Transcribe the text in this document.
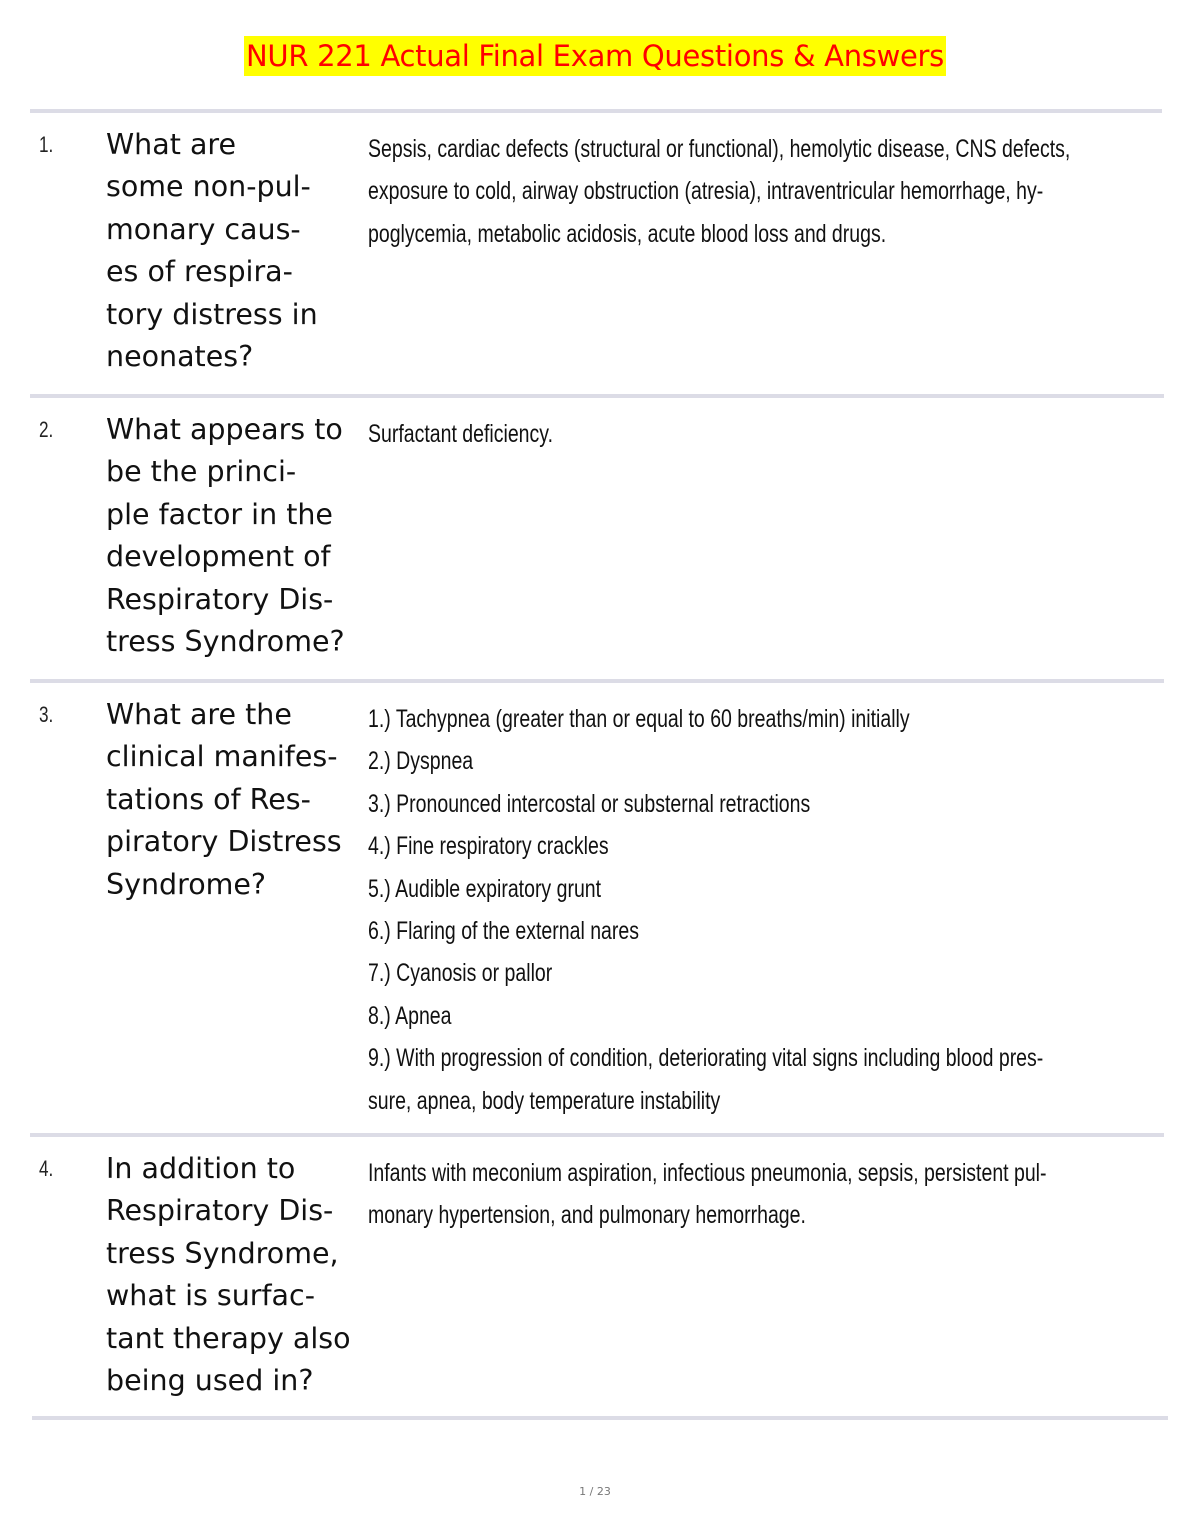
NUR 221 Actual Final Exam Questions & Answers
1. What are
some non-pul-
monary caus-
es of respira-
tory distress in
neonates?
Sepsis, cardiac defects (structural or functional), hemolytic disease, CNS defects,
exposure to cold, airway obstruction (atresia), intraventricular hemorrhage, hy-
poglycemia, metabolic acidosis, acute blood loss and drugs.
2. What appears to
be the princi-
ple factor in the
development of
Respiratory Dis-
tress Syndrome?
Surfactant deficiency.
3. What are the
clinical manifes-
tations of Res-
piratory Distress
Syndrome?
1.) Tachypnea (greater than or equal to 60 breaths/min) initially
2.) Dyspnea
3.) Pronounced intercostal or substernal retractions
4.) Fine respiratory crackles
5.) Audible expiratory grunt
6.) Flaring of the external nares
7.) Cyanosis or pallor
8.) Apnea
9.) With progression of condition, deteriorating vital signs including blood pres-
sure, apnea, body temperature instability
4. In addition to
Respiratory Dis-
tress Syndrome,
what is surfac-
tant therapy also
being used in?
Infants with meconium aspiration, infectious pneumonia, sepsis, persistent pul-
monary hypertension, and pulmonary hemorrhage.
1 / 23
